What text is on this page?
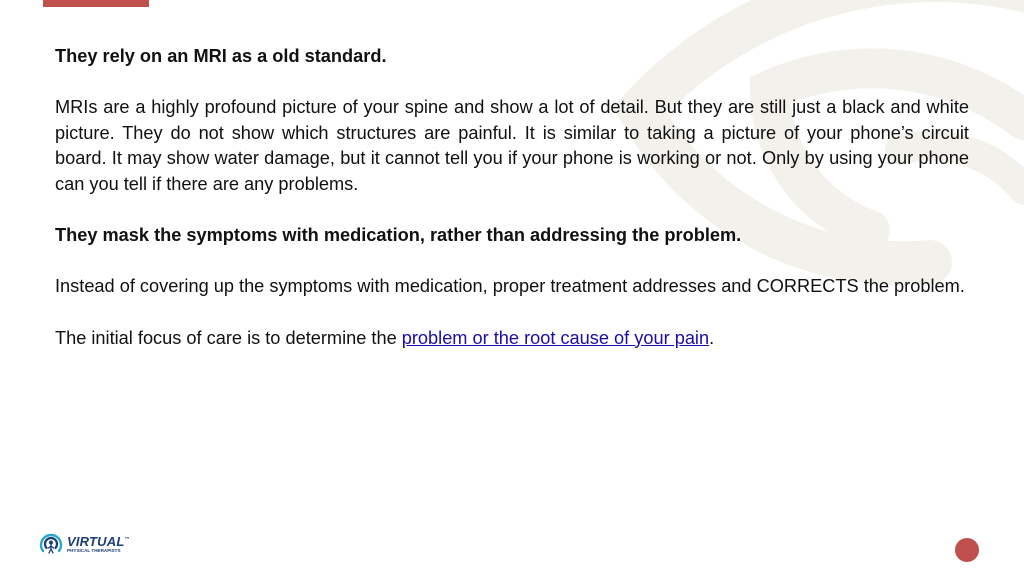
They rely on an MRI as a old standard.

MRIs are a highly profound picture of your spine and show a lot of detail. But they are still just a black and white picture. They do not show which structures are painful. It is similar to taking a picture of your phone’s circuit board. It may show water damage, but it cannot tell you if your phone is working or not. Only by using your phone can you tell if there are any problems.

They mask the symptoms with medication, rather than addressing the problem.

Instead of covering up the symptoms with medication, proper treatment addresses and CORRECTS the problem.

The initial focus of care is to determine the problem or the root cause of your pain.

VIRTUAL™
PHYSICAL THERAPISTS
